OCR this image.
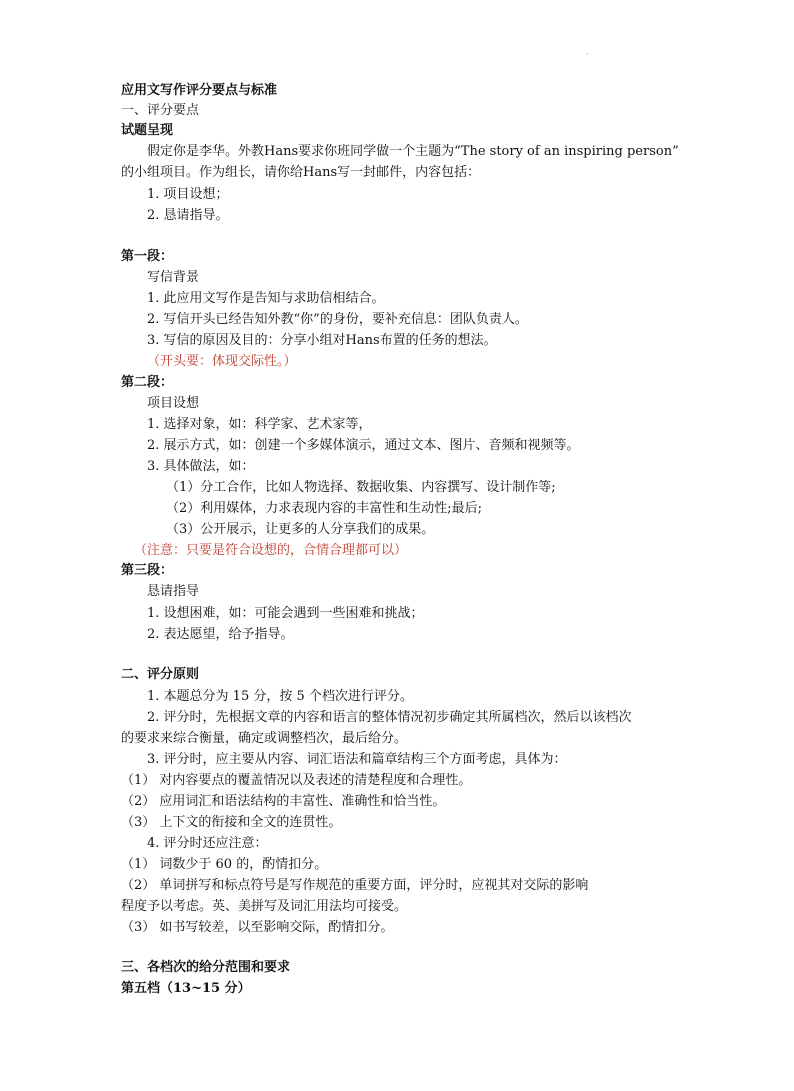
·
应用文写作评分要点与标准
一、评分要点
试题呈现
假定你是李华。外教Hans要求你班同学做一个主题为“The story of an inspiring person”
的小组项目。作为组长，请你给Hans写一封邮件，内容包括：
1. 项目设想；
2. 恳请指导。
第一段：
写信背景
1. 此应用文写作是告知与求助信相结合。
2. 写信开头已经告知外教“你”的身份，要补充信息：团队负责人。
3. 写信的原因及目的：分享小组对Hans布置的任务的想法。
（开头要：体现交际性。）
第二段：
项目设想
1. 选择对象，如：科学家、艺术家等，
2. 展示方式，如：创建一个多媒体演示，通过文本、图片、音频和视频等。
3. 具体做法，如：
（1）分工合作，比如人物选择、数据收集、内容撰写、设计制作等;
（2）利用媒体，力求表现内容的丰富性和生动性;最后;
（3）公开展示，让更多的人分享我们的成果。
（注意：只要是符合设想的，合情合理都可以）
第三段：
恳请指导
1. 设想困难，如：可能会遇到一些困难和挑战；
2. 表达愿望，给予指导。
二、评分原则
1. 本题总分为 15 分，按 5 个档次进行评分。
2. 评分时，先根据文章的内容和语言的整体情况初步确定其所属档次，然后以该档次
的要求来综合衡量，确定或调整档次，最后给分。
3. 评分时，应主要从内容、词汇语法和篇章结构三个方面考虑，具体为：
（1） 对内容要点的覆盖情况以及表述的清楚程度和合理性。
（2） 应用词汇和语法结构的丰富性、准确性和恰当性。
（3） 上下文的衔接和全文的连贯性。
4. 评分时还应注意：
（1） 词数少于 60 的，酌情扣分。
（2） 单词拼写和标点符号是写作规范的重要方面，评分时，应视其对交际的影响
程度予以考虑。英、美拼写及词汇用法均可接受。
（3） 如书写较差，以至影响交际，酌情扣分。
三、各档次的给分范围和要求
第五档（13~15 分）
